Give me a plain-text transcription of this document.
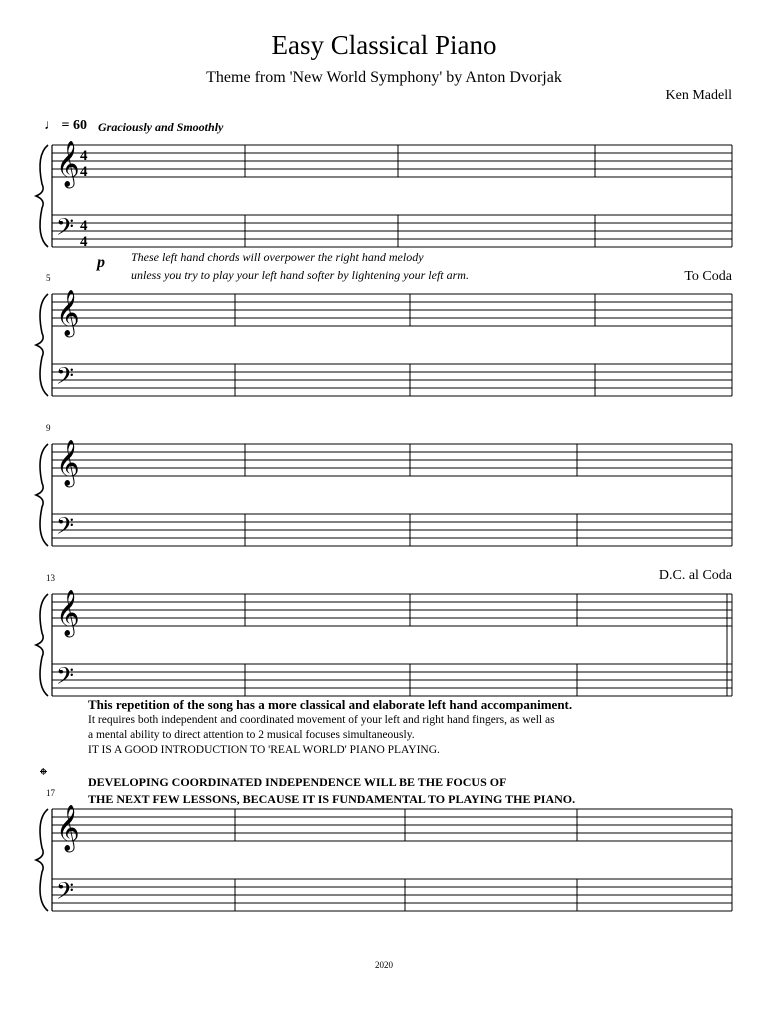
𝄞
𝄢
4
4
4
4
𝄞
𝄢
𝄞
𝄢
𝄞
𝄢
𝄞
𝄢
Easy Classical Piano
Theme from 'New World Symphony' by Anton Dvorjak
Ken Madell
♩ = 60 Graciously and Smoothly
p These left hand chords will overpower the right hand melody
unless you try to play your left hand softer by lightening your left arm.	To Coda
D.C. al Coda
This repetition of the song has a more classical and elaborate left hand accompaniment.
It requires both independent and coordinated movement of your left and right hand fingers, as well as
a mental ability to direct attention to 2 musical focuses simultaneously.
IT IS A GOOD INTRODUCTION TO 'REAL WORLD' PIANO PLAYING.
DEVELOPING COORDINATED INDEPENDENCE WILL BE THE FOCUS OF
THE NEXT FEW LESSONS, BECAUSE IT IS FUNDAMENTAL TO PLAYING THE PIANO.
5
9
13
17
𝄌
2020
